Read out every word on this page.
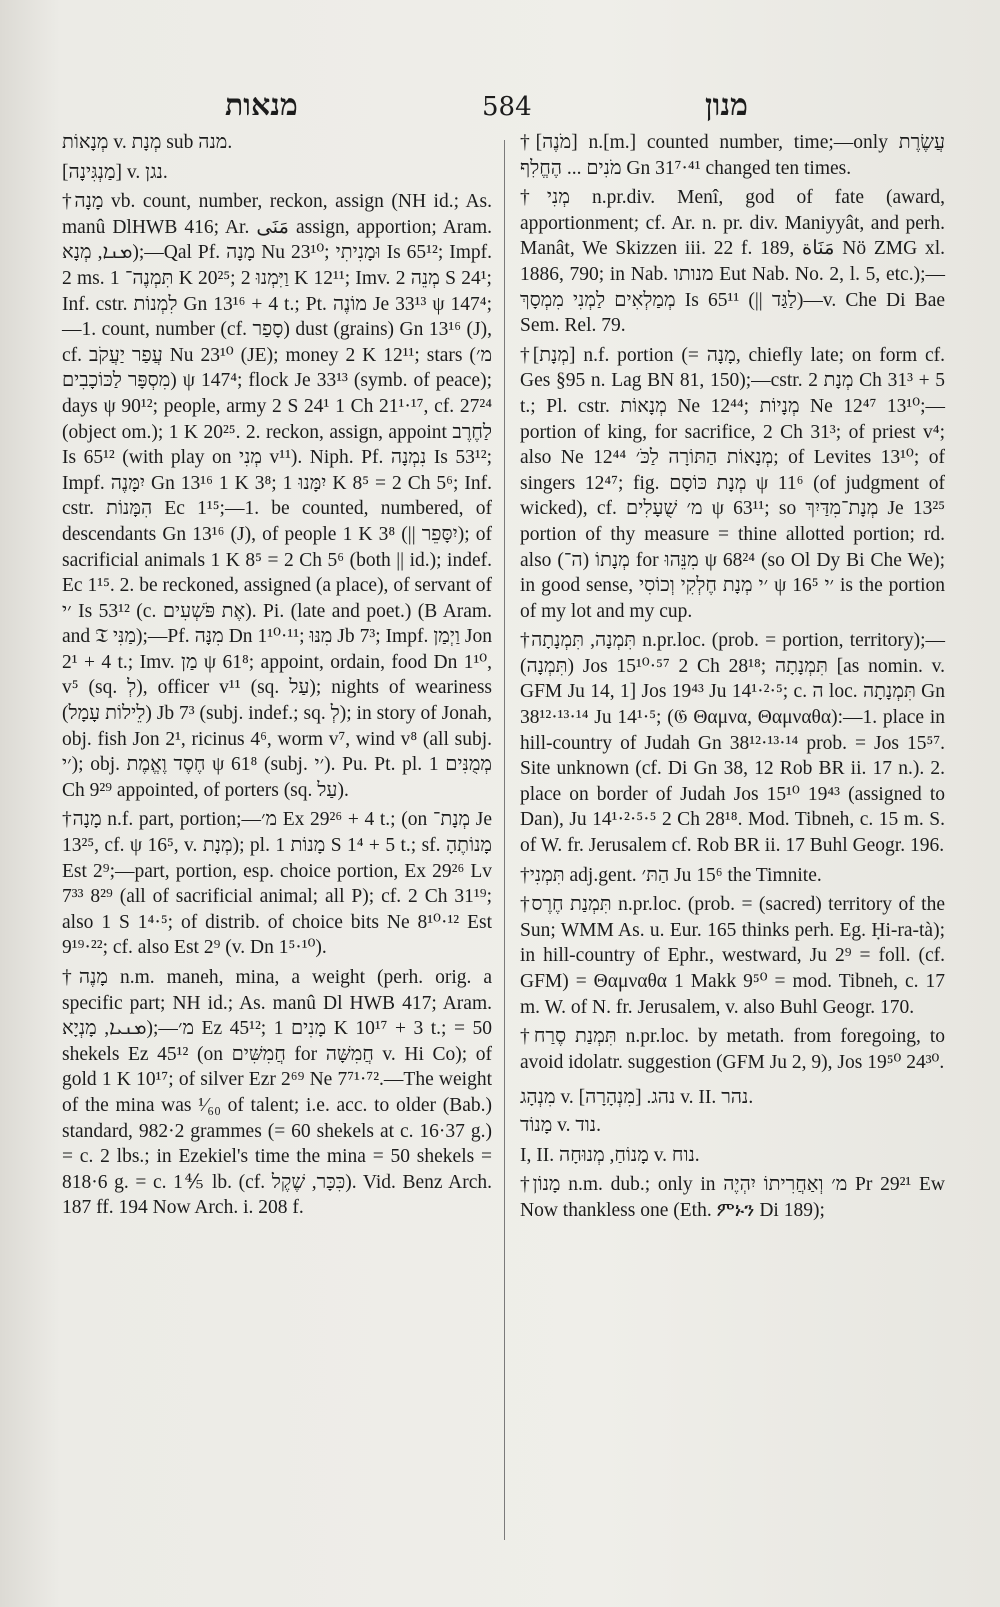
מנאות	584	מנון

מְנָאוֹת v. מְנָת sub מנה.

[מַנְגִּינָה] v. נגן.

†מָנָה vb. count, number, reckon, assign (NH id.; As. manû DlHWB 416; Ar. مَنَى assign, apportion; Aram. ܡܢܐ, מְנָא);—Qal Pf. מָנָה Nu 23¹⁰; וּמָנִיתִי Is 65¹²; Impf. 2 ms. תִּמְנֶה־ 1 K 20²⁵; וַיִּמְנוּ 2 K 12¹¹; Imv. מְנֵה 2 S 24¹; Inf. cstr. לִמְנוֹת Gn 13¹⁶ + 4 t.; Pt. מוֹנֶה Je 33¹³ ψ 147⁴;—1. count, number (cf. סָפַר) dust (grains) Gn 13¹⁶ (J), cf. עֲפַר יַעֲקֹב Nu 23¹⁰ (JE); money 2 K 12¹¹; stars (מ׳ מִסְפָּר לַכּוֹכָבִים) ψ 147⁴; flock Je 33¹³ (symb. of peace); days ψ 90¹²; people, army 2 S 24¹ 1 Ch 21¹·¹⁷, cf. 27²⁴ (object om.); 1 K 20²⁵. 2. reckon, assign, appoint לַחֶרֶב Is 65¹² (with play on מְנִי v¹¹). Niph. Pf. נִמְנָה Is 53¹²; Impf. יִמָּנֶה Gn 13¹⁶ 1 K 3⁸; יִמָּנוּ 1 K 8⁵ = 2 Ch 5⁶; Inf. cstr. הִמָּנוֹת Ec 1¹⁵;—1. be counted, numbered, of descendants Gn 13¹⁶ (J), of people 1 K 3⁸ (|| יִסָּפֵר); of sacrificial animals 1 K 8⁵ = 2 Ch 5⁶ (both || id.); indef. Ec 1¹⁵. 2. be reckoned, assigned (a place), of servant of ׳י Is 53¹² (c. אֶת פֹּשְׁעִים). Pi. (late and poet.) (B Aram. and 𝔗 מַנִּי);—Pf. מִנָּה Dn 1¹⁰·¹¹; מִנּוּ Jb 7³; Impf. וַיְמַן Jon 2¹ + 4 t.; Imv. מַן ψ 61⁸; appoint, ordain, food Dn 1¹⁰, v⁵ (sq. לְ), officer v¹¹ (sq. עַל); nights of weariness (לֵילוֹת עָמָל) Jb 7³ (subj. indef.; sq. לְ); in story of Jonah, obj. fish Jon 2¹, ricinus 4⁶, worm v⁷, wind v⁸ (all subj. ׳י); obj. חֶסֶד וֶאֱמֶת ψ 61⁸ (subj. ׳י). Pu. Pt. pl. מְמֻנִּים 1 Ch 9²⁹ appointed, of porters (sq. עַל).

†מָנָה n.f. part, portion;—מ׳ Ex 29²⁶ + 4 t.; (on מְנָת־ Je 13²⁵, cf. ψ 16⁵, v. מְנָת); pl. מָנוֹת 1 S 1⁴ + 5 t.; sf. מָנוֹתֶהָ Est 2⁹;—part, portion, esp. choice portion, Ex 29²⁶ Lv 7³³ 8²⁹ (all of sacrificial animal; all P); cf. 2 Ch 31¹⁹; also 1 S 1⁴·⁵; of distrib. of choice bits Ne 8¹⁰·¹² Est 9¹⁹·²²; cf. also Est 2⁹ (v. Dn 1⁵·¹⁰).

†מָנֶה n.m. maneh, mina, a weight (perh. orig. a specific part; NH id.; As. manû Dl HWB 417; Aram. ܡܢܝܐ, מָנְיָא);—מ׳ Ez 45¹²; מָנִים 1 K 10¹⁷ + 3 t.; = 50 shekels Ez 45¹² (on חֲמִשִּׁים for חֲמִשָּׁה v. Hi Co); of gold 1 K 10¹⁷; of silver Ezr 2⁶⁹ Ne 7⁷¹·⁷².—The weight of the mina was ¹⁄₆₀ of talent; i.e. acc. to older (Bab.) standard, 982·2 grammes (= 60 shekels at c. 16·37 g.) = c. 2 lbs.; in Ezekiel's time the mina = 50 shekels = 818·6 g. = c. 1⅘ lb. (cf. כִּכָּר, שֶׁקֶל). Vid. Benz Arch. 187 ff. 194 Now Arch. i. 208 f.

†[מֹנֶה] n.[m.] counted number, time;—only עֲשֶׂרֶת מֹנִים ... הֶחֱלִף Gn 31⁷·⁴¹ changed ten times.

†מְנִי n.pr.div. Menî, god of fate (award, apportionment; cf. Ar. n. pr. div. Maniyyât, and perh. Manât, We Skizzen iii. 22 f. 189, مَنَاة Nö ZMG xl. 1886, 790; in Nab. מנותו Eut Nab. No. 2, l. 5, etc.);—מְמַלְאִים לַמְנִי מִמְסָךְ Is 65¹¹ (|| לַגַּד)—v. Che Di Bae Sem. Rel. 79.

†[מְנָת] n.f. portion (= מָנָה, chiefly late; on form cf. Ges §95 n. Lag BN 81, 150);—cstr. מְנָת 2 Ch 31³ + 5 t.; Pl. cstr. מְנָאוֹת Ne 12⁴⁴; מְנָיוֹת Ne 12⁴⁷ 13¹⁰;—portion of king, for sacrifice, 2 Ch 31³; of priest v⁴; also Ne 12⁴⁴ מְנָאוֹת הַתּוֹרָה לַכֹּ׳; of Levites 13¹⁰; of singers 12⁴⁷; fig. מְנָת כּוֹסָם ψ 11⁶ (of judgment of wicked), cf. מ׳ שֻׁעָלִים ψ 63¹¹; so מְנָת־מִדַּיִךְ Je 13²⁵ portion of thy measure = thine allotted portion; rd. also (ה־) מְנָתוֹ for מִנֵּהוּ ψ 68²⁴ (so Ol Dy Bi Che We); in good sense, ׳י מְנָת חֶלְקִי וְכוֹסִי ψ 16⁵ ׳י is the portion of my lot and my cup.

†תִּמְנָה, תִּמְנָתָה n.pr.loc. (prob. = portion, territory);—(תִּמְנָה) Jos 15¹⁰·⁵⁷ 2 Ch 28¹⁸; תִּמְנָתָה [as nomin. v. GFM Ju 14, 1] Jos 19⁴³ Ju 14¹·²·⁵; c. ה loc. תִּמְנָתָה Gn 38¹²·¹³·¹⁴ Ju 14¹·⁵; (𝔊 Θαμνα, Θαμναθα):—1. place in hill-country of Judah Gn 38¹²·¹³·¹⁴ prob. = Jos 15⁵⁷. Site unknown (cf. Di Gn 38, 12 Rob BR ii. 17 n.). 2. place on border of Judah Jos 15¹⁰ 19⁴³ (assigned to Dan), Ju 14¹·²·⁵·⁵ 2 Ch 28¹⁸. Mod. Tibneh, c. 15 m. S. of W. fr. Jerusalem cf. Rob BR ii. 17 Buhl Geogr. 196.

†תִּמְנִי adj.gent. הַתּ׳ Ju 15⁶ the Timnite.

†תִּמְנַת חֶרֶס n.pr.loc. (prob. = (sacred) territory of the Sun; WMM As. u. Eur. 165 thinks perh. Eg. Ḥi-ra-tà); in hill-country of Ephr., westward, Ju 2⁹ = foll. (cf. GFM) = Θαμναθα 1 Makk 9⁵⁰ = mod. Tibneh, c. 17 m. W. of N. fr. Jerusalem, v. also Buhl Geogr. 170.

†תִּמְנַת סֶרַח n.pr.loc. by metath. from foregoing, to avoid idolatr. suggestion (GFM Ju 2, 9), Jos 19⁵⁰ 24³⁰.

מִנְהָג v. נהג. [מִנְהָרָה] v. II. נהר.

מָנוֹד v. נוד.

I, II. מָנוֹחַ, מְנוּחָה v. נוח.

†מָנוֹן n.m. dub.; only in מ׳ וְאַחֲרִיתוֹ יִהְיֶה Pr 29²¹ Ew Now thankless one (Eth. ምኑን Di 189);
